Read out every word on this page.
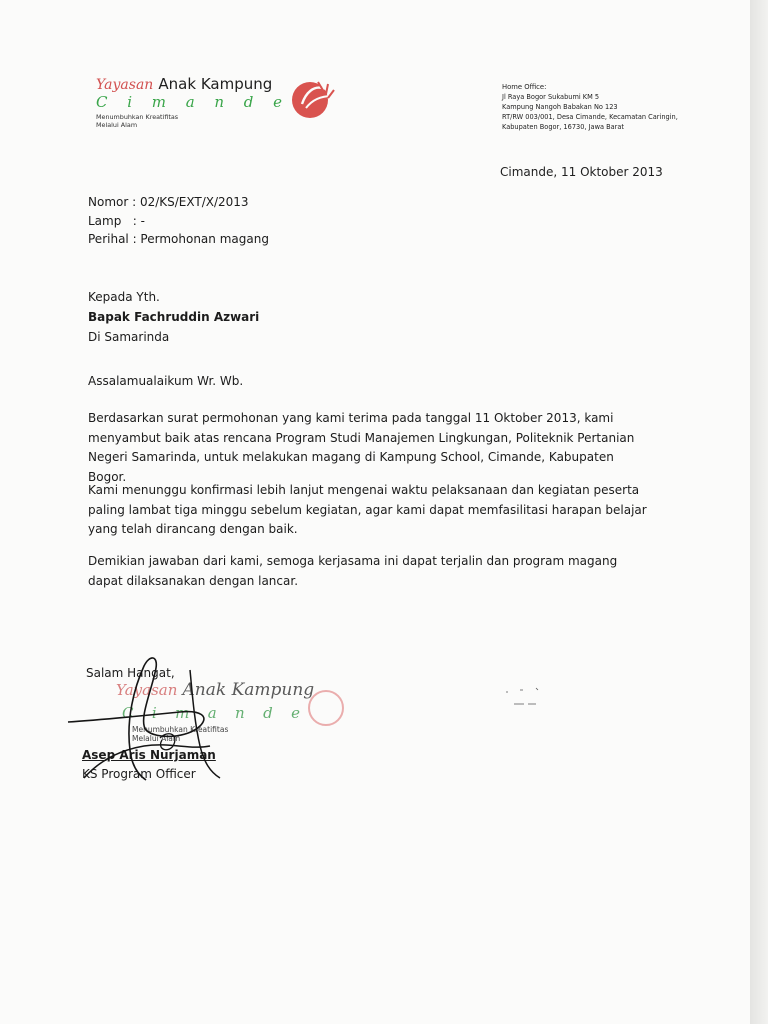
Yayasan Anak Kampung
C i m a n d e
Menumbuhkan Kreatifitas
Melalui Alam
Home Office:
Jl Raya Bogor Sukabumi KM 5
Kampung Nangoh Babakan No 123
RT/RW 003/001, Desa Cimande, Kecamatan Caringin,
Kabupaten Bogor, 16730, Jawa Barat
Cimande, 11 Oktober 2013
Nomor : 02/KS/EXT/X/2013
Lamp   : -
Perihal : Permohonan magang
Kepada Yth.
Bapak Fachruddin Azwari
Di Samarinda
Assalamualaikum Wr. Wb.
Berdasarkan surat permohonan yang kami terima pada tanggal 11 Oktober 2013, kami menyambut baik atas rencana Program Studi Manajemen Lingkungan, Politeknik Pertanian Negeri Samarinda, untuk melakukan magang di Kampung School, Cimande, Kabupaten Bogor.
Kami menunggu konfirmasi lebih lanjut mengenai waktu pelaksanaan dan kegiatan peserta paling lambat tiga minggu sebelum kegiatan, agar kami dapat memfasilitasi harapan belajar yang telah dirancang dengan baik.
Demikian jawaban dari kami, semoga kerjasama ini dapat terjalin dan program magang dapat dilaksanakan dengan lancar.
Salam Hangat,
Yayasan Anak Kampung
C i m a n d e
Menumbuhkan Kreatifitas
Melalui Alam
Asep Aris Nurjaman
KS Program Officer
